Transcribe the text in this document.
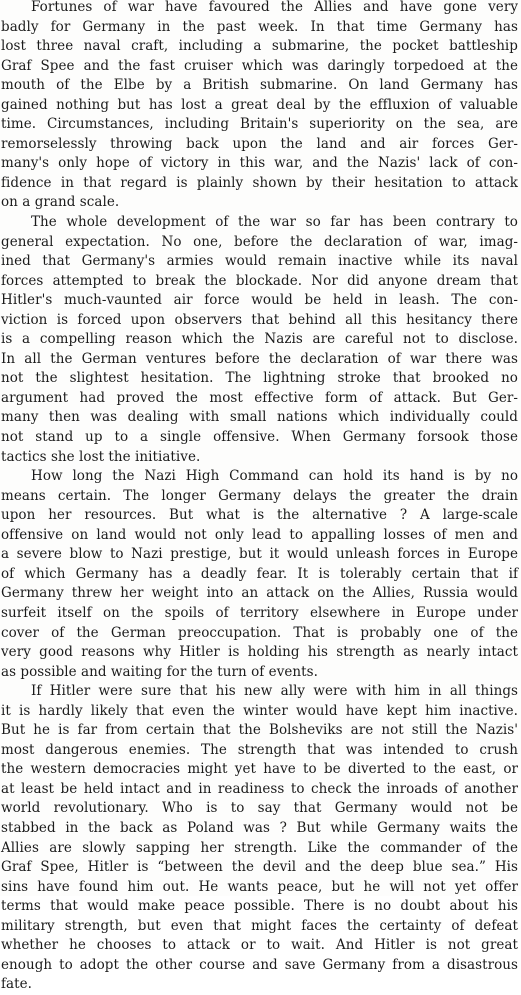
Fortunes of war have favoured the Allies and have gone very
badly for Germany in the past week. In that time Germany has
lost three naval craft, including a submarine, the pocket battleship
Graf Spee and the fast cruiser which was daringly torpedoed at the
mouth of the Elbe by a British submarine. On land Germany has
gained nothing but has lost a great deal by the effluxion of valuable
time. Circumstances, including Britain's superiority on the sea, are
remorselessly throwing back upon the land and air forces Ger-
many's only hope of victory in this war, and the Nazis' lack of con-
fidence in that regard is plainly shown by their hesitation to attack
on a grand scale.
The whole development of the war so far has been contrary to
general expectation. No one, before the declaration of war, imag-
ined that Germany's armies would remain inactive while its naval
forces attempted to break the blockade. Nor did anyone dream that
Hitler's much-vaunted air force would be held in leash. The con-
viction is forced upon observers that behind all this hesitancy there
is a compelling reason which the Nazis are careful not to disclose.
In all the German ventures before the declaration of war there was
not the slightest hesitation. The lightning stroke that brooked no
argument had proved the most effective form of attack. But Ger-
many then was dealing with small nations which individually could
not stand up to a single offensive. When Germany forsook those
tactics she lost the initiative.
How long the Nazi High Command can hold its hand is by no
means certain. The longer Germany delays the greater the drain
upon her resources. But what is the alternative ? A large-scale
offensive on land would not only lead to appalling losses of men and
a severe blow to Nazi prestige, but it would unleash forces in Europe
of which Germany has a deadly fear. It is tolerably certain that if
Germany threw her weight into an attack on the Allies, Russia would
surfeit itself on the spoils of territory elsewhere in Europe under
cover of the German preoccupation. That is probably one of the
very good reasons why Hitler is holding his strength as nearly intact
as possible and waiting for the turn of events.
If Hitler were sure that his new ally were with him in all things
it is hardly likely that even the winter would have kept him inactive.
But he is far from certain that the Bolsheviks are not still the Nazis'
most dangerous enemies. The strength that was intended to crush
the western democracies might yet have to be diverted to the east, or
at least be held intact and in readiness to check the inroads of another
world revolutionary. Who is to say that Germany would not be
stabbed in the back as Poland was ? But while Germany waits the
Allies are slowly sapping her strength. Like the commander of the
Graf Spee, Hitler is “between the devil and the deep blue sea.” His
sins have found him out. He wants peace, but he will not yet offer
terms that would make peace possible. There is no doubt about his
military strength, but even that might faces the certainty of defeat
whether he chooses to attack or to wait. And Hitler is not great
enough to adopt the other course and save Germany from a disastrous
fate.
